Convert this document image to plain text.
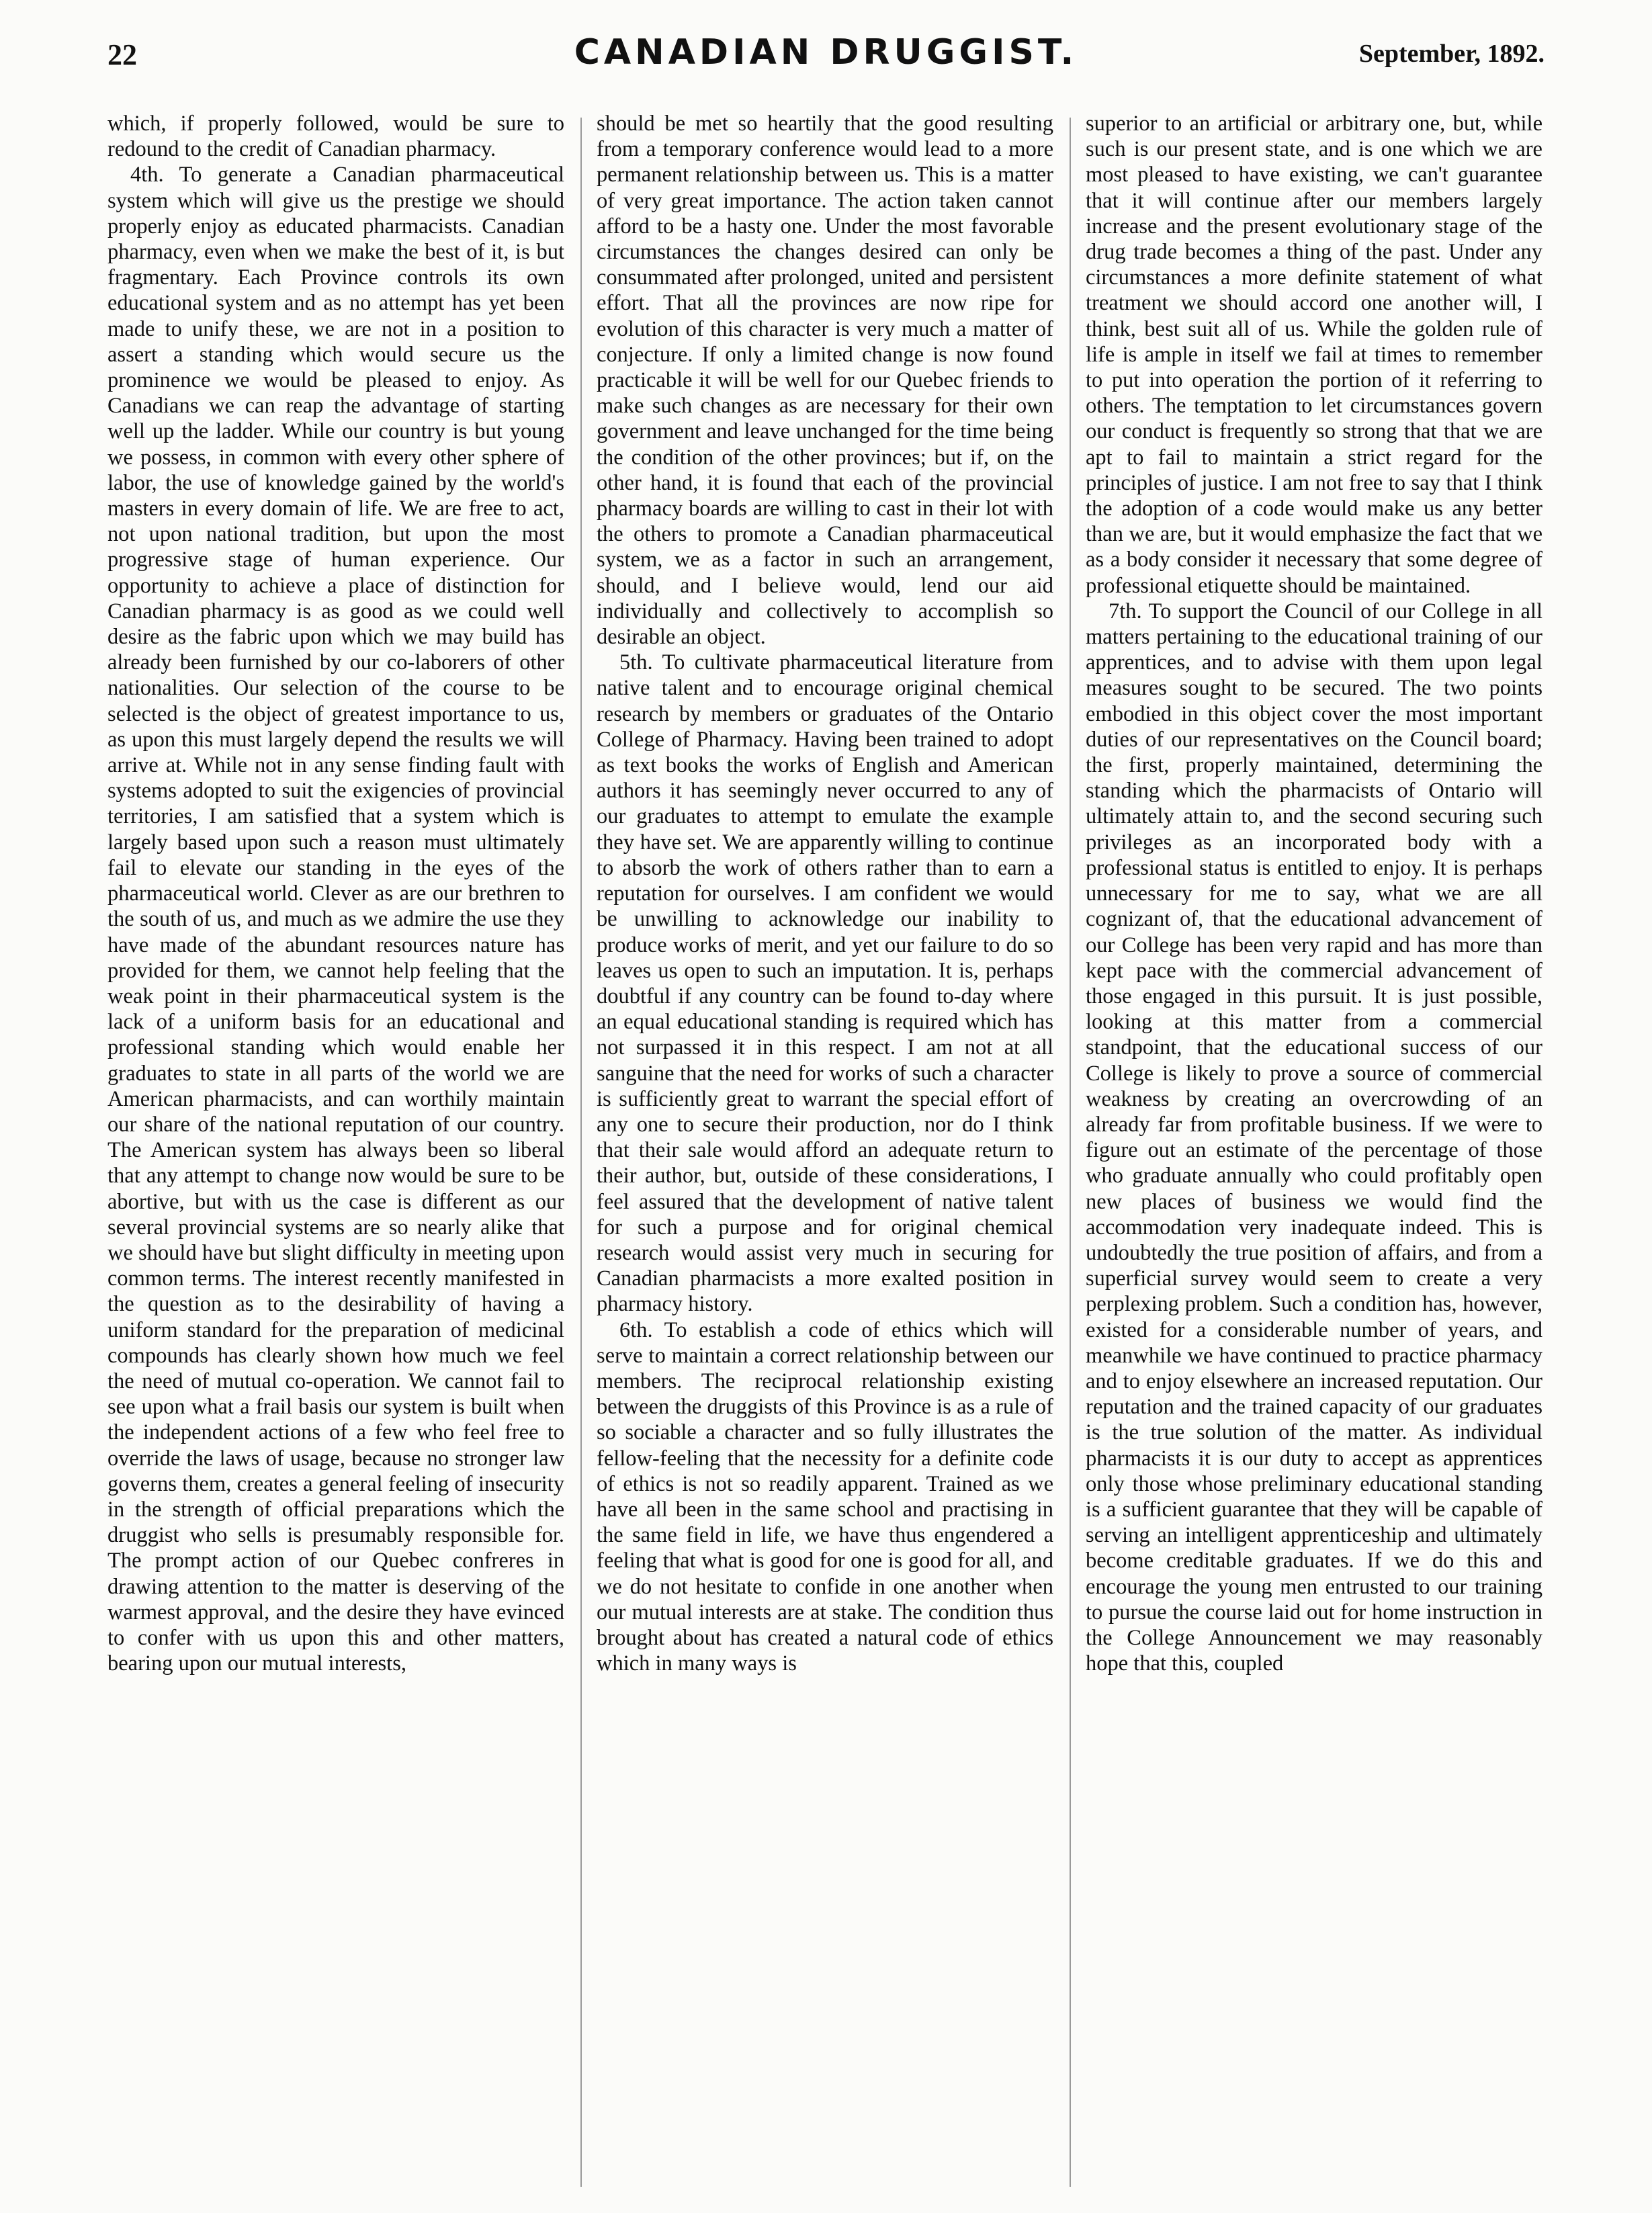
22	CANADIAN DRUGGIST.	September, 1892.

which, if properly followed, would be sure to redound to the credit of Canadian pharmacy.

4th. To generate a Canadian pharmaceutical system which will give us the prestige we should properly enjoy as educated pharmacists. Canadian pharmacy, even when we make the best of it, is but fragmentary. Each Province controls its own educational system and as no attempt has yet been made to unify these, we are not in a position to assert a standing which would secure us the prominence we would be pleased to enjoy. As Canadians we can reap the advantage of starting well up the ladder. While our country is but young we possess, in common with every other sphere of labor, the use of knowledge gained by the world's masters in every domain of life. We are free to act, not upon national tradition, but upon the most progressive stage of human experience. Our opportunity to achieve a place of distinction for Canadian pharmacy is as good as we could well desire as the fabric upon which we may build has already been furnished by our co-laborers of other nationalities. Our selection of the course to be selected is the object of greatest importance to us, as upon this must largely depend the results we will arrive at. While not in any sense finding fault with systems adopted to suit the exigencies of provincial territories, I am satisfied that a system which is largely based upon such a reason must ultimately fail to elevate our standing in the eyes of the pharmaceutical world. Clever as are our brethren to the south of us, and much as we admire the use they have made of the abundant resources nature has provided for them, we cannot help feeling that the weak point in their pharmaceutical system is the lack of a uniform basis for an educational and professional standing which would enable her graduates to state in all parts of the world we are American pharmacists, and can worthily maintain our share of the national reputation of our country. The American system has always been so liberal that any attempt to change now would be sure to be abortive, but with us the case is different as our several provincial systems are so nearly alike that we should have but slight difficulty in meeting upon common terms. The interest recently manifested in the question as to the desirability of having a uniform standard for the preparation of medicinal compounds has clearly shown how much we feel the need of mutual co-operation. We cannot fail to see upon what a frail basis our system is built when the independent actions of a few who feel free to override the laws of usage, because no stronger law governs them, creates a general feeling of insecurity in the strength of official preparations which the druggist who sells is presumably responsible for. The prompt action of our Quebec confreres in drawing attention to the matter is deserving of the warmest approval, and the desire they have evinced to confer with us upon this and other matters, bearing upon our mutual interests,

should be met so heartily that the good resulting from a temporary conference would lead to a more permanent relationship between us. This is a matter of very great importance. The action taken cannot afford to be a hasty one. Under the most favorable circumstances the changes desired can only be consummated after prolonged, united and persistent effort. That all the provinces are now ripe for evolution of this character is very much a matter of conjecture. If only a limited change is now found practicable it will be well for our Quebec friends to make such changes as are necessary for their own government and leave unchanged for the time being the condition of the other provinces; but if, on the other hand, it is found that each of the provincial pharmacy boards are willing to cast in their lot with the others to promote a Canadian pharmaceutical system, we as a factor in such an arrangement, should, and I believe would, lend our aid individually and collectively to accomplish so desirable an object.

5th. To cultivate pharmaceutical literature from native talent and to encourage original chemical research by members or graduates of the Ontario College of Pharmacy. Having been trained to adopt as text books the works of English and American authors it has seemingly never occurred to any of our graduates to attempt to emulate the example they have set. We are apparently willing to continue to absorb the work of others rather than to earn a reputation for ourselves. I am confident we would be unwilling to acknowledge our inability to produce works of merit, and yet our failure to do so leaves us open to such an imputation. It is, perhaps doubtful if any country can be found to-day where an equal educational standing is required which has not surpassed it in this respect. I am not at all sanguine that the need for works of such a character is sufficiently great to warrant the special effort of any one to secure their production, nor do I think that their sale would afford an adequate return to their author, but, outside of these considerations, I feel assured that the development of native talent for such a purpose and for original chemical research would assist very much in securing for Canadian pharmacists a more exalted position in pharmacy history.

6th. To establish a code of ethics which will serve to maintain a correct relationship between our members. The reciprocal relationship existing between the druggists of this Province is as a rule of so sociable a character and so fully illustrates the fellow-feeling that the necessity for a definite code of ethics is not so readily apparent. Trained as we have all been in the same school and practising in the same field in life, we have thus engendered a feeling that what is good for one is good for all, and we do not hesitate to confide in one another when our mutual interests are at stake. The condition thus brought about has created a natural code of ethics which in many ways is

superior to an artificial or arbitrary one, but, while such is our present state, and is one which we are most pleased to have existing, we can't guarantee that it will continue after our members largely increase and the present evolutionary stage of the drug trade becomes a thing of the past. Under any circumstances a more definite statement of what treatment we should accord one another will, I think, best suit all of us. While the golden rule of life is ample in itself we fail at times to remember to put into operation the portion of it referring to others. The temptation to let circumstances govern our conduct is frequently so strong that that we are apt to fail to maintain a strict regard for the principles of justice. I am not free to say that I think the adoption of a code would make us any better than we are, but it would emphasize the fact that we as a body consider it necessary that some degree of professional etiquette should be maintained.

7th. To support the Council of our College in all matters pertaining to the educational training of our apprentices, and to advise with them upon legal measures sought to be secured. The two points embodied in this object cover the most important duties of our representatives on the Council board; the first, properly maintained, determining the standing which the pharmacists of Ontario will ultimately attain to, and the second securing such privileges as an incorporated body with a professional status is entitled to enjoy. It is perhaps unnecessary for me to say, what we are all cognizant of, that the educational advancement of our College has been very rapid and has more than kept pace with the commercial advancement of those engaged in this pursuit. It is just possible, looking at this matter from a commercial standpoint, that the educational success of our College is likely to prove a source of commercial weakness by creating an overcrowding of an already far from profitable business. If we were to figure out an estimate of the percentage of those who graduate annually who could profitably open new places of business we would find the accommodation very inadequate indeed. This is undoubtedly the true position of affairs, and from a superficial survey would seem to create a very perplexing problem. Such a condition has, however, existed for a considerable number of years, and meanwhile we have continued to practice pharmacy and to enjoy elsewhere an increased reputation. Our reputation and the trained capacity of our graduates is the true solution of the matter. As individual pharmacists it is our duty to accept as apprentices only those whose preliminary educational standing is a sufficient guarantee that they will be capable of serving an intelligent apprenticeship and ultimately become creditable graduates. If we do this and encourage the young men entrusted to our training to pursue the course laid out for home instruction in the College Announcement we may reasonably hope that this, coupled
